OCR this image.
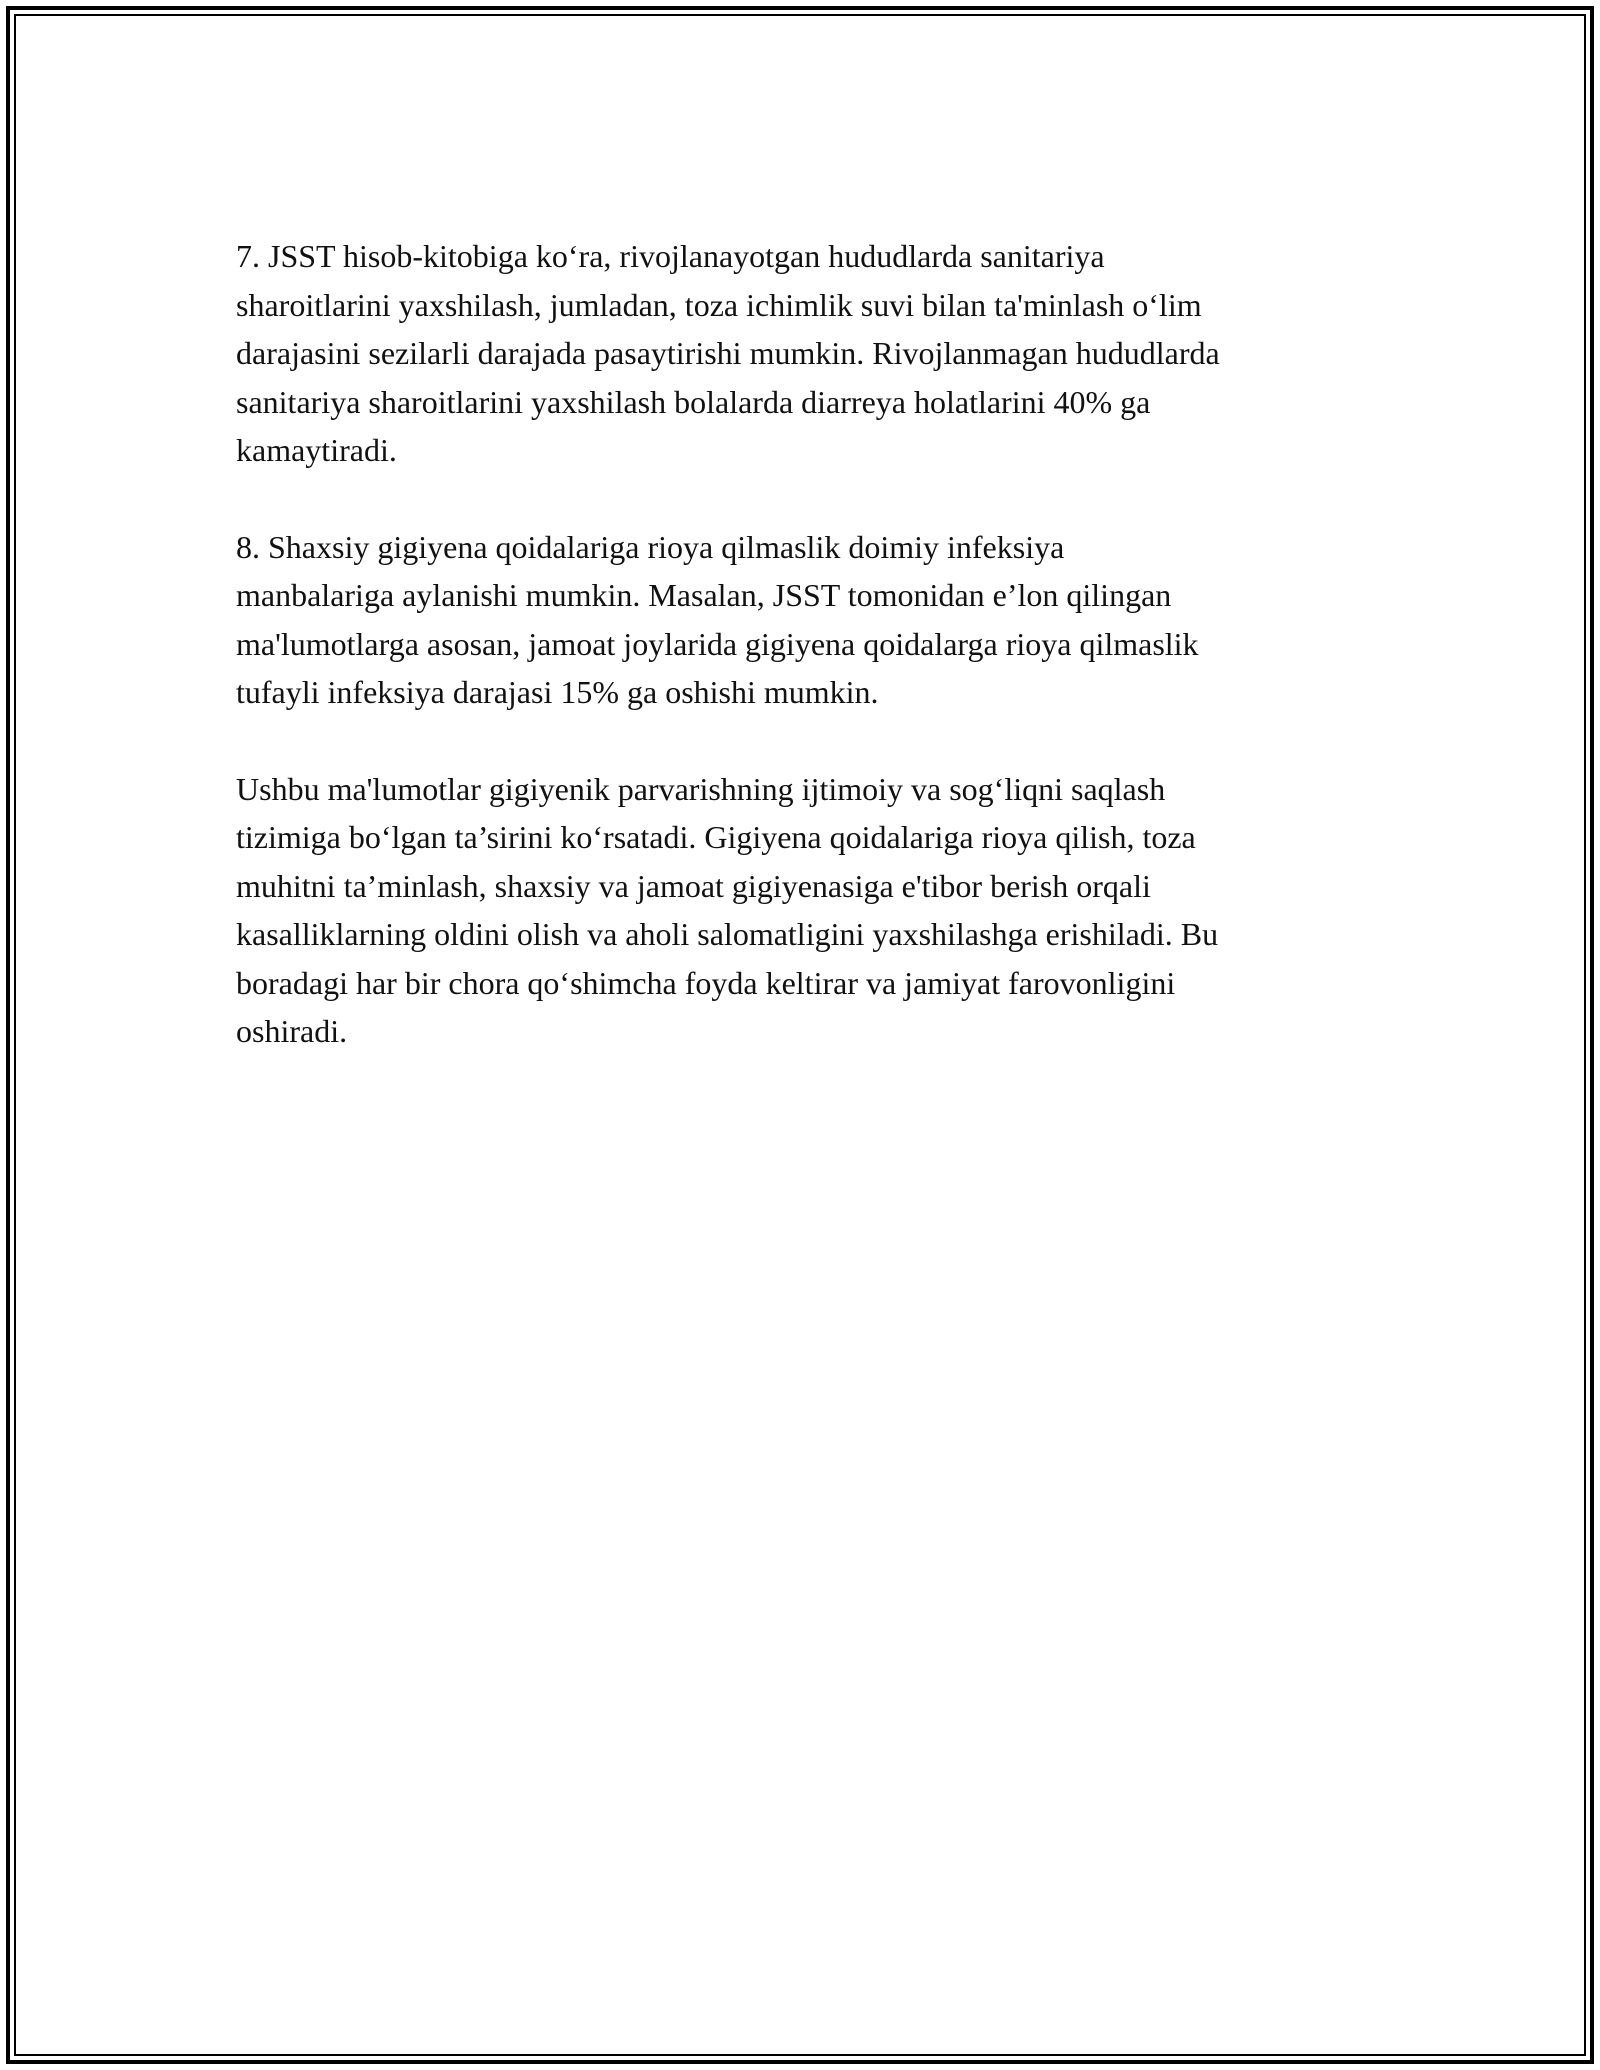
7. JSST hisob-kitobiga ko‘ra, rivojlanayotgan hududlarda sanitariya
sharoitlarini yaxshilash, jumladan, toza ichimlik suvi bilan ta'minlash o‘lim
darajasini sezilarli darajada pasaytirishi mumkin. Rivojlanmagan hududlarda
sanitariya sharoitlarini yaxshilash bolalarda diarreya holatlarini 40% ga
kamaytiradi.

8. Shaxsiy gigiyena qoidalariga rioya qilmaslik doimiy infeksiya
manbalariga aylanishi mumkin. Masalan, JSST tomonidan e’lon qilingan
ma'lumotlarga asosan, jamoat joylarida gigiyena qoidalarga rioya qilmaslik
tufayli infeksiya darajasi 15% ga oshishi mumkin.

Ushbu ma'lumotlar gigiyenik parvarishning ijtimoiy va sog‘liqni saqlash
tizimiga bo‘lgan ta’sirini ko‘rsatadi. Gigiyena qoidalariga rioya qilish, toza
muhitni ta’minlash, shaxsiy va jamoat gigiyenasiga e'tibor berish orqali
kasalliklarning oldini olish va aholi salomatligini yaxshilashga erishiladi. Bu
boradagi har bir chora qo‘shimcha foyda keltirar va jamiyat farovonligini
oshiradi.
